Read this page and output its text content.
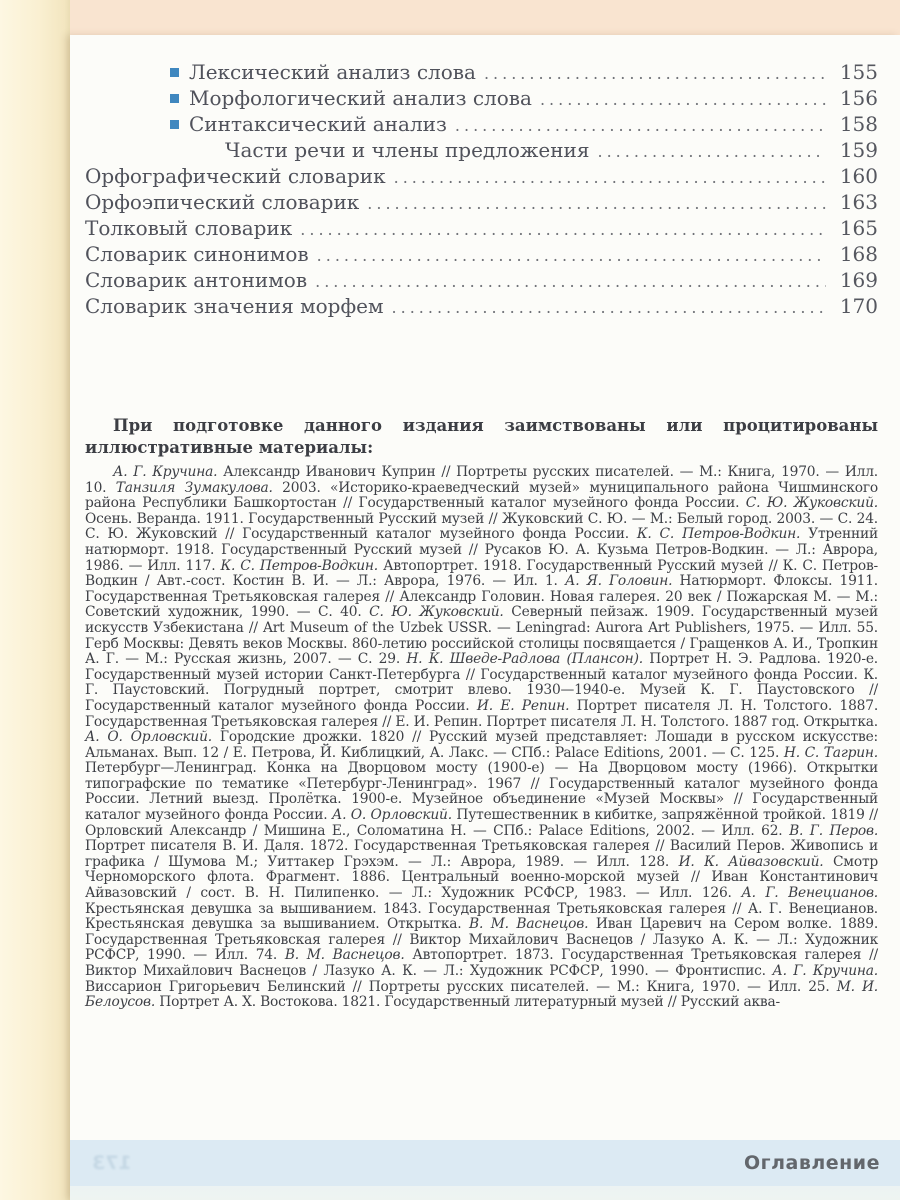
Лексический анализ слова .....	155
Морфологический анализ слова .....	156
Синтаксический анализ .....	158
Части речи и члены предложения .....	159
Орфографический словарик .....	160
Орфоэпический словарик .....	163
Толковый словарик .....	165
Словарик синонимов .....	168
Словарик антонимов .....	169
Словарик значения морфем .....	170

При подготовке данного издания заимствованы или процитированы иллюстративные материалы:

А. Г. Кручина. Александр Иванович Куприн // Портреты русских писателей. — М.: Книга, 1970. — Илл. 10. Танзиля Зумакулова. 2003. «Историко-краеведческий музей» муниципального района Чишминского района Республики Башкортостан // Государственный каталог музейного фонда России. С. Ю. Жуковский. Осень. Веранда. 1911. Государственный Русский музей // Жуковский С. Ю. — М.: Белый город. 2003. — С. 24. С. Ю. Жуковский // Государственный каталог музейного фонда России. К. С. Петров-Водкин. Утренний натюрморт. 1918. Государственный Русский музей // Русаков Ю. А. Кузьма Петров-Водкин. — Л.: Аврора, 1986. — Илл. 117. К. С. Петров-Водкин. Автопортрет. 1918. Государственный Русский музей // К. С. Петров-Водкин / Авт.-сост. Костин В. И. — Л.: Аврора, 1976. — Ил. 1. А. Я. Головин. Натюрморт. Флоксы. 1911. Государственная Третьяковская галерея // Александр Головин. Новая галерея. 20 век / Пожарская М. — М.: Советский художник, 1990. — С. 40. С. Ю. Жуковский. Северный пейзаж. 1909. Государственный музей искусств Узбекистана // Art Museum of the Uzbek USSR. — Leningrad: Aurora Art Publishers, 1975. — Илл. 55. Герб Москвы: Девять веков Москвы. 860-летию российской столицы посвящается / Гращенков А. И., Тропкин А. Г. — М.: Русская жизнь, 2007. — С. 29. Н. К. Шведе-Радлова (Плансон). Портрет Н. Э. Радлова. 1920-е. Государственный музей истории Санкт-Петербурга // Государственный каталог музейного фонда России. К. Г. Паустовский. Погрудный портрет, смотрит влево. 1930—1940-е. Музей К. Г. Паустовского // Государственный каталог музейного фонда России. И. Е. Репин. Портрет писателя Л. Н. Толстого. 1887. Государственная Третьяковская галерея // Е. И. Репин. Портрет писателя Л. Н. Толстого. 1887 год. Открытка. А. О. Орловский. Городские дрожки. 1820 // Русский музей представляет: Лошади в русском искусстве: Альманах. Вып. 12 / Е. Петрова, Й. Киблицкий, А. Лакс. — СПб.: Palace Editions, 2001. — С. 125. Н. С. Тагрин. Петербург—Ленинград. Конка на Дворцовом мосту (1900-е) — На Дворцовом мосту (1966). Открытки типографские по тематике «Петербург-Ленинград». 1967 // Государственный каталог музейного фонда России. Летний выезд. Пролётка. 1900-е. Музейное объединение «Музей Москвы» // Государственный каталог музейного фонда России. А. О. Орловский. Путешественник в кибитке, запряжённой тройкой. 1819 // Орловский Александр / Мишина Е., Соломатина Н. — СПб.: Palace Editions, 2002. — Илл. 62. В. Г. Перов. Портрет писателя В. И. Даля. 1872. Государственная Третьяковская галерея // Василий Перов. Живопись и графика / Шумова М.; Уиттакер Грэхэм. — Л.: Аврора, 1989. — Илл. 128. И. К. Айвазовский. Смотр Черноморского флота. Фрагмент. 1886. Центральный военно-морской музей // Иван Константинович Айвазовский / сост. В. Н. Пилипенко. — Л.: Художник РСФСР, 1983. — Илл. 126. А. Г. Венецианов. Крестьянская девушка за вышиванием. 1843. Государственная Третьяковская галерея // А. Г. Венецианов. Крестьянская девушка за вышиванием. Открытка. В. М. Васнецов. Иван Царевич на Сером волке. 1889. Государственная Третьяковская галерея // Виктор Михайлович Васнецов / Лазуко А. К. — Л.: Художник РСФСР, 1990. — Илл. 74. В. М. Васнецов. Автопортрет. 1873. Государственная Третьяковская галерея // Виктор Михайлович Васнецов / Лазуко А. К. — Л.: Художник РСФСР, 1990. — Фронтиспис. А. Г. Кручина. Виссарион Григорьевич Белинский // Портреты русских писателей. — М.: Книга, 1970. — Илл. 25. М. И. Белоусов. Портрет А. Х. Востокова. 1821. Государственный литературный музей // Русский аква-

173	Оглавление
